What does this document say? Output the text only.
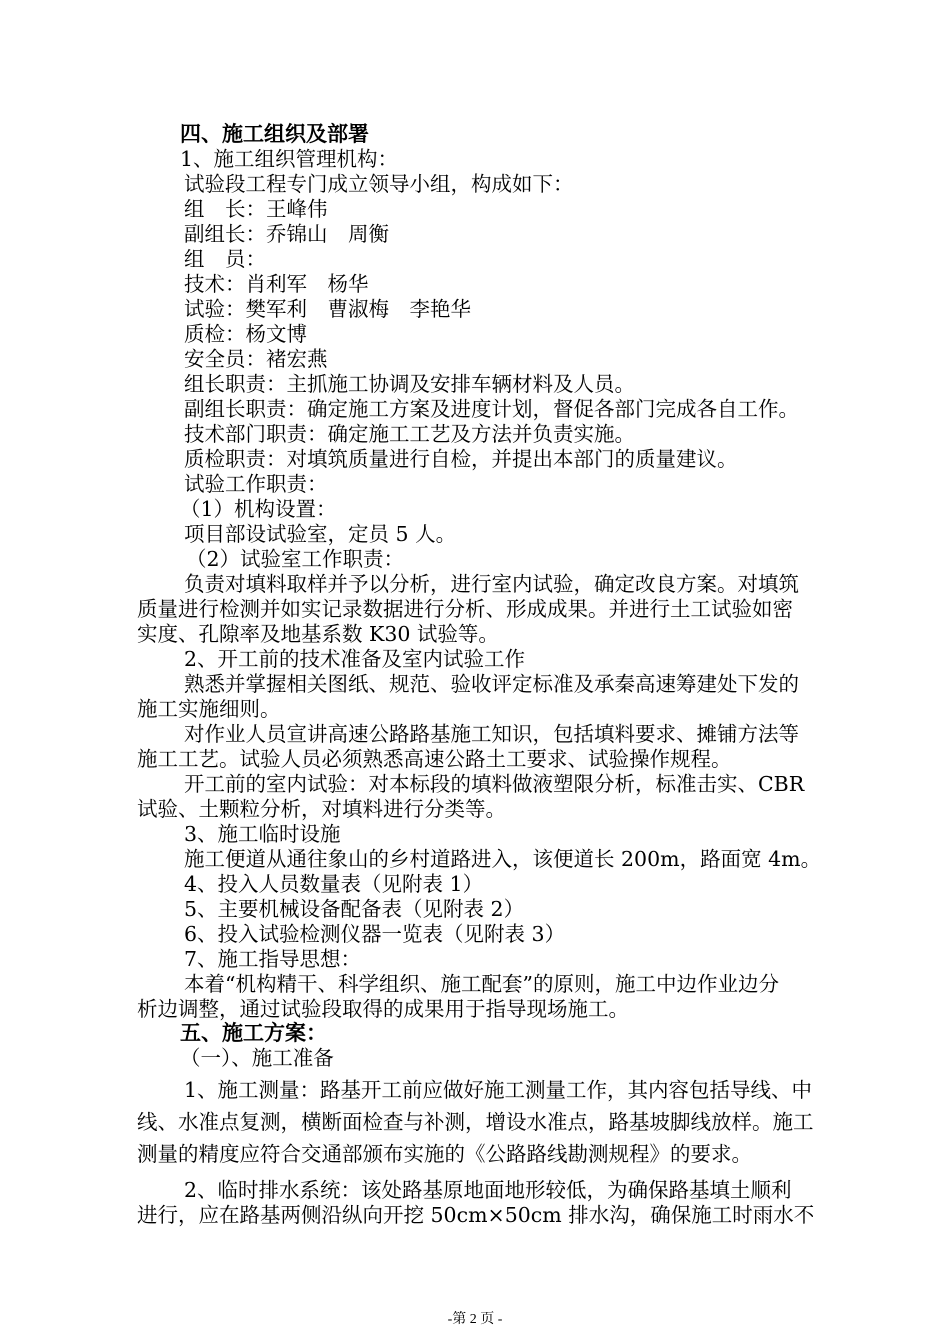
四、施工组织及部署

1、施工组织管理机构：

试验段工程专门成立领导小组，构成如下：

组　长：王峰伟

副组长：乔锦山　周衡

组　员：

技术：肖利军　杨华

试验：樊军利　曹淑梅　李艳华

质检：杨文博

安全员：褚宏燕

组长职责：主抓施工协调及安排车辆材料及人员。

副组长职责：确定施工方案及进度计划，督促各部门完成各自工作。

技术部门职责：确定施工工艺及方法并负责实施。

质检职责：对填筑质量进行自检，并提出本部门的质量建议。

试验工作职责：

（1）机构设置：

项目部设试验室，定员 5 人。

（2）试验室工作职责：

负责对填料取样并予以分析，进行室内试验，确定改良方案。对填筑

质量进行检测并如实记录数据进行分析、形成成果。并进行土工试验如密

实度、孔隙率及地基系数 K30 试验等。

2、开工前的技术准备及室内试验工作

熟悉并掌握相关图纸、规范、验收评定标准及承秦高速筹建处下发的

施工实施细则。

对作业人员宣讲高速公路路基施工知识，包括填料要求、摊铺方法等

施工工艺。试验人员必须熟悉高速公路土工要求、试验操作规程。

开工前的室内试验：对本标段的填料做液塑限分析，标准击实、CBR

试验、土颗粒分析，对填料进行分类等。

3、施工临时设施

施工便道从通往象山的乡村道路进入，该便道长 200m，路面宽 4m。

4、投入人员数量表（见附表 1）

5、主要机械设备配备表（见附表 2）

6、投入试验检测仪器一览表（见附表 3）

7、施工指导思想：

本着“机构精干、科学组织、施工配套”的原则，施工中边作业边分

析边调整，通过试验段取得的成果用于指导现场施工。

五、施工方案：

（一）、施工准备

1、施工测量：路基开工前应做好施工测量工作，其内容包括导线、中

线、水准点复测，横断面检查与补测，增设水准点，路基坡脚线放样。施工

测量的精度应符合交通部颁布实施的《公路路线勘测规程》的要求。

2、临时排水系统：该处路基原地面地形较低，为确保路基填土顺利

进行，应在路基两侧沿纵向开挖 50cm×50cm 排水沟，确保施工时雨水不

-第 2 页 -
